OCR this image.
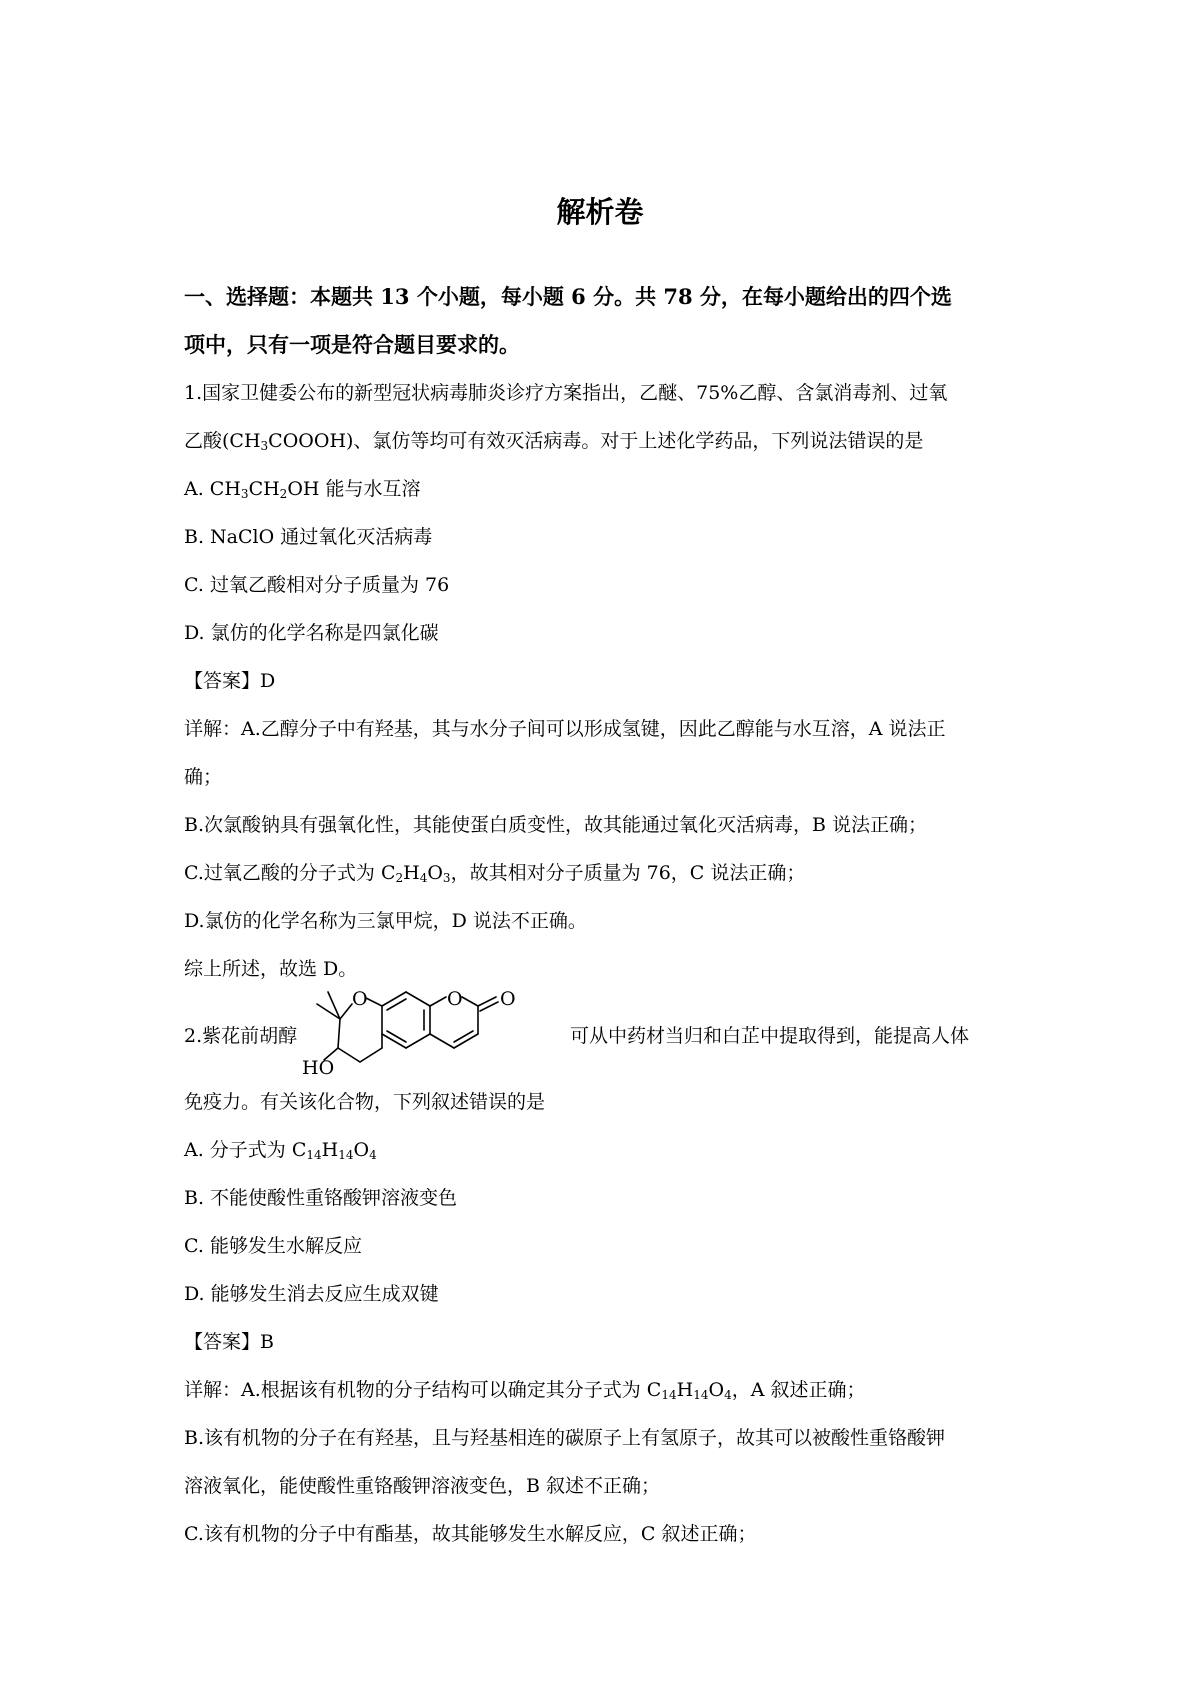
解析卷
一、选择题：本题共 13 个小题，每小题 6 分。共 78 分，在每小题给出的四个选
项中，只有一项是符合题目要求的。
1.国家卫健委公布的新型冠状病毒肺炎诊疗方案指出，乙醚、75%乙醇、含氯消毒剂、过氧
乙酸$(CH_3COOOH)$、氯仿等均可有效灭活病毒。对于上述化学药品，下列说法错误的是
A. $CH_3CH_2OH$ 能与水互溶
B. NaClO 通过氧化灭活病毒
C. 过氧乙酸相对分子质量为 76
D. 氯仿的化学名称是四氯化碳
【答案】D
详解：A.乙醇分子中有羟基，其与水分子间可以形成氢键，因此乙醇能与水互溶，A 说法正
确；
B.次氯酸钠具有强氧化性，其能使蛋白质变性，故其能通过氧化灭活病毒，B 说法正确；
C.过氧乙酸的分子式为 $C_2H_4O_3$，故其相对分子质量为 76，C 说法正确；
D.氯仿的化学名称为三氯甲烷，D 说法不正确。
综上所述，故选 D。
2.紫花前胡醇
O	O O
HO
可从中药材当归和白芷中提取得到，能提高人体
免疫力。有关该化合物，下列叙述错误的是
A. 分子式为 $C_{14}H_{14}O_4$
B. 不能使酸性重铬酸钾溶液变色
C. 能够发生水解反应
D. 能够发生消去反应生成双键
【答案】B
详解：A.根据该有机物的分子结构可以确定其分子式为 $C_{14}H_{14}O_4$，A 叙述正确；
B.该有机物的分子在有羟基，且与羟基相连的碳原子上有氢原子，故其可以被酸性重铬酸钾
溶液氧化，能使酸性重铬酸钾溶液变色，B 叙述不正确；
C.该有机物的分子中有酯基，故其能够发生水解反应，C 叙述正确；
